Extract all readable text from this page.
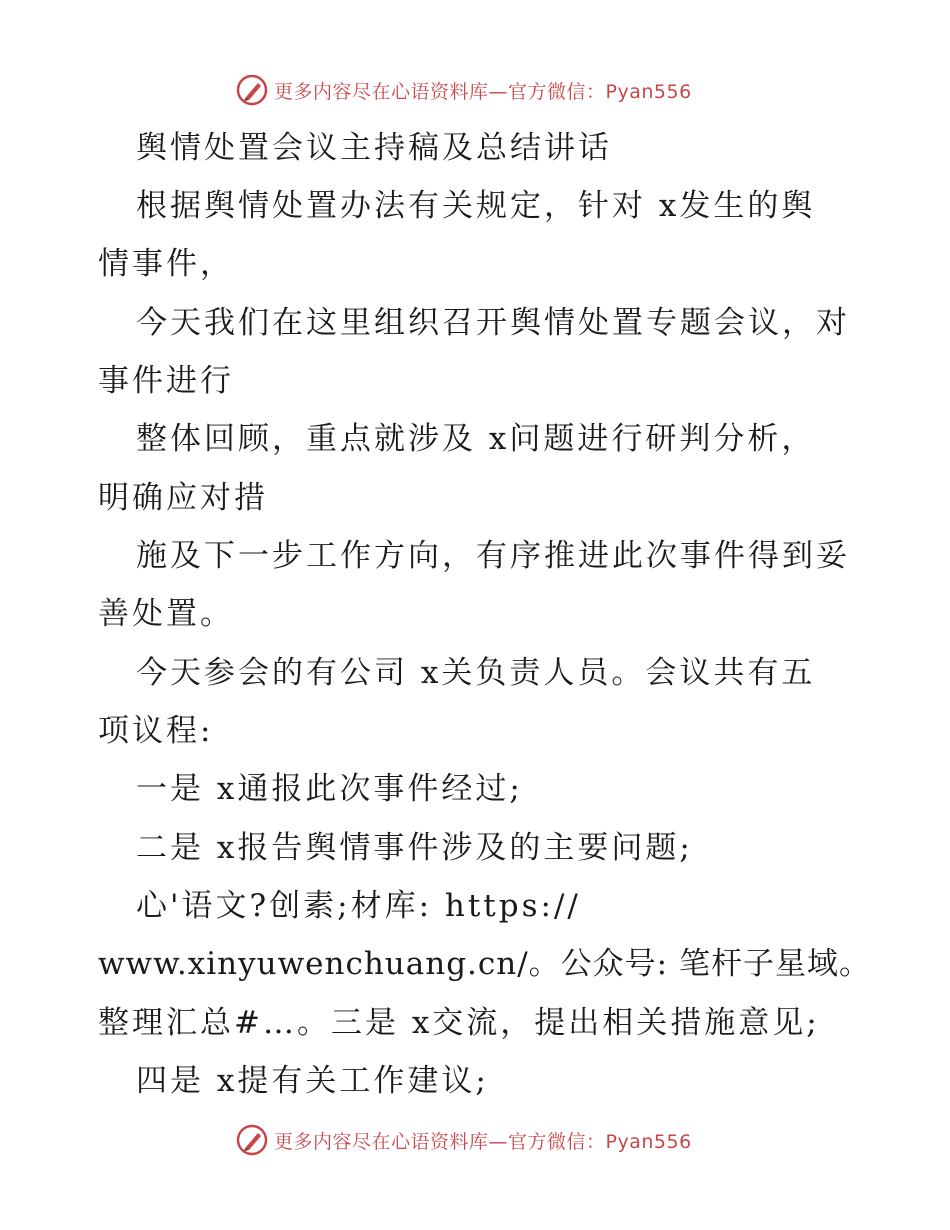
更多内容尽在心语资料库—官方微信：Pyan556
舆情处置会议主持稿及总结讲话
根据舆情处置办法有关规定，针对 x发生的舆
情事件，
今天我们在这里组织召开舆情处置专题会议，对
事件进行
整体回顾，重点就涉及 x问题进行研判分析，
明确应对措
施及下一步工作方向，有序推进此次事件得到妥
善处置。
今天参会的有公司 x关负责人员。会议共有五
项议程:
一是 x通报此次事件经过;
二是 x报告舆情事件涉及的主要问题;
心'语文?创素;材库: https://
www.xinyuwenchuang.cn/。公众号: 笔杆子星域。
整理汇总#…。三是 x交流，提出相关措施意见;
四是 x提有关工作建议;
更多内容尽在心语资料库—官方微信：Pyan556
